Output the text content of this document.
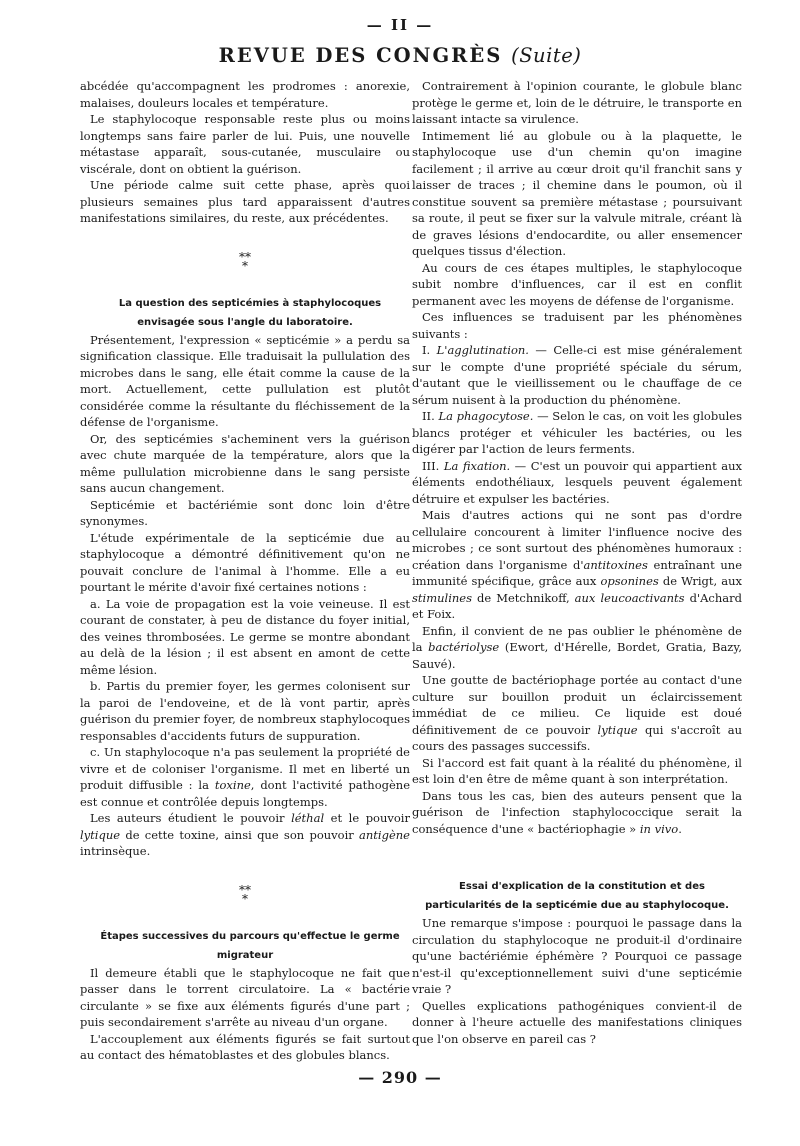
— II —
REVUE DES CONGRÈS (Suite)

abcédée qu'accompagnent les prodromes : anorexie, malaises, douleurs locales et température.

Le staphylocoque responsable reste plus ou moins longtemps sans faire parler de lui. Puis, une nouvelle métastase apparaît, sous-cutanée, musculaire ou viscérale, dont on obtient la guérison.

Une période calme suit cette phase, après quoi plusieurs semaines plus tard apparaissent d'autres manifestations similaires, du reste, aux précédentes.

**
*

La question des septicémies à staphylocoques envisagée sous l'angle du laboratoire.

Présentement, l'expression « septicémie » a perdu sa signification classique. Elle traduisait la pullulation des microbes dans le sang, elle était comme la cause de la mort. Actuellement, cette pullulation est plutôt considérée comme la résultante du fléchissement de la défense de l'organisme.

Or, des septicémies s'acheminent vers la guérison avec chute marquée de la température, alors que la même pullulation microbienne dans le sang persiste sans aucun changement.

Septicémie et bactériémie sont donc loin d'être synonymes.

L'étude expérimentale de la septicémie due au staphylocoque a démontré définitivement qu'on ne pouvait conclure de l'animal à l'homme. Elle a eu pourtant le mérite d'avoir fixé certaines notions :

a. La voie de propagation est la voie veineuse. Il est courant de constater, à peu de distance du foyer initial, des veines thrombosées. Le germe se montre abondant au delà de la lésion ; il est absent en amont de cette même lésion.

b. Partis du premier foyer, les germes colonisent sur la paroi de l'endoveine, et de là vont partir, après guérison du premier foyer, de nombreux staphylocoques responsables d'accidents futurs de suppuration.

c. Un staphylocoque n'a pas seulement la propriété de vivre et de coloniser l'organisme. Il met en liberté un produit diffusible : la toxine, dont l'activité pathogène est connue et contrôlée depuis longtemps.

Les auteurs étudient le pouvoir léthal et le pouvoir lytique de cette toxine, ainsi que son pouvoir antigène intrinsèque.

**
*

Étapes successives du parcours qu'effectue le germe migrateur

Il demeure établi que le staphylocoque ne fait que passer dans le torrent circulatoire. La « bactérie circulante » se fixe aux éléments figurés d'une part ; puis secondairement s'arrête au niveau d'un organe.

L'accouplement aux éléments figurés se fait surtout au contact des hématoblastes et des globules blancs.

Contrairement à l'opinion courante, le globule blanc protège le germe et, loin de le détruire, le transporte en laissant intacte sa virulence.

Intimement lié au globule ou à la plaquette, le staphylocoque use d'un chemin qu'on imagine facilement ; il arrive au cœur droit qu'il franchit sans y laisser de traces ; il chemine dans le poumon, où il constitue souvent sa première métastase ; poursuivant sa route, il peut se fixer sur la valvule mitrale, créant là de graves lésions d'endocardite, ou aller ensemencer quelques tissus d'élection.

Au cours de ces étapes multiples, le staphylocoque subit nombre d'influences, car il est en conflit permanent avec les moyens de défense de l'organisme.

Ces influences se traduisent par les phénomènes suivants :

I. L'agglutination. — Celle-ci est mise généralement sur le compte d'une propriété spéciale du sérum, d'autant que le vieillissement ou le chauffage de ce sérum nuisent à la production du phénomène.

II. La phagocytose. — Selon le cas, on voit les globules blancs protéger et véhiculer les bactéries, ou les digérer par l'action de leurs ferments.

III. La fixation. — C'est un pouvoir qui appartient aux éléments endothéliaux, lesquels peuvent également détruire et expulser les bactéries.

Mais d'autres actions qui ne sont pas d'ordre cellulaire concourent à limiter l'influence nocive des microbes ; ce sont surtout des phénomènes humoraux : création dans l'organisme d'antitoxines entraînant une immunité spécifique, grâce aux opsonines de Wrigt, aux stimulines de Metchnikoff, aux leucoactivants d'Achard et Foix.

Enfin, il convient de ne pas oublier le phénomène de la bactériolyse (Ewort, d'Hérelle, Bordet, Gratia, Bazy, Sauvé).

Une goutte de bactériophage portée au contact d'une culture sur bouillon produit un éclaircissement immédiat de ce milieu. Ce liquide est doué définitivement de ce pouvoir lytique qui s'accroît au cours des passages successifs.

Si l'accord est fait quant à la réalité du phénomène, il est loin d'en être de même quant à son interprétation.

Dans tous les cas, bien des auteurs pensent que la guérison de l'infection staphylococcique serait la conséquence d'une « bactériophagie » in vivo.

Essai d'explication de la constitution et des particularités de la septicémie due au staphylocoque.

Une remarque s'impose : pourquoi le passage dans la circulation du staphylocoque ne produit-il d'ordinaire qu'une bactériémie éphémère ? Pourquoi ce passage n'est-il qu'exceptionnellement suivi d'une septicémie vraie ?

Quelles explications pathogéniques convient-il de donner à l'heure actuelle des manifestations cliniques que l'on observe en pareil cas ?

— 290 —
